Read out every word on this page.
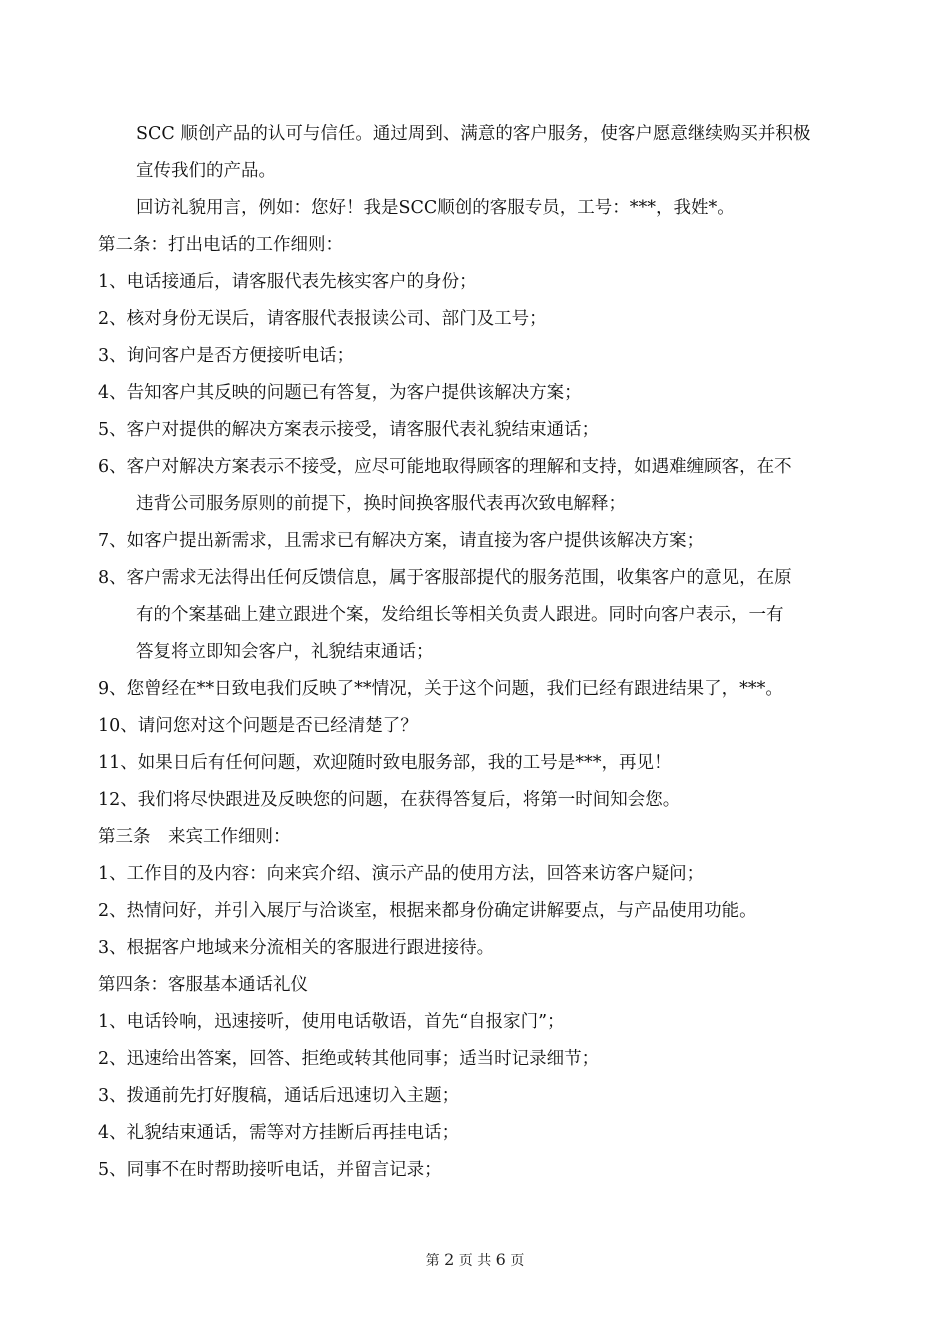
SCC 顺创产品的认可与信任。通过周到、满意的客户服务，使客户愿意继续购买并积极
宣传我们的产品。
回访礼貌用言，例如：您好！我是SCC顺创的客服专员，工号：***，我姓*。
第二条：打出电话的工作细则：
1、电话接通后，请客服代表先核实客户的身份；
2、核对身份无误后，请客服代表报读公司、部门及工号；
3、询问客户是否方便接听电话；
4、告知客户其反映的问题已有答复，为客户提供该解决方案；
5、客户对提供的解决方案表示接受，请客服代表礼貌结束通话；
6、客户对解决方案表示不接受，应尽可能地取得顾客的理解和支持，如遇难缠顾客，在不
违背公司服务原则的前提下，换时间换客服代表再次致电解释；
7、如客户提出新需求，且需求已有解决方案，请直接为客户提供该解决方案；
8、客户需求无法得出任何反馈信息，属于客服部提代的服务范围，收集客户的意见，在原
有的个案基础上建立跟进个案，发给组长等相关负责人跟进。同时向客户表示，一有
答复将立即知会客户，礼貌结束通话；
9、您曾经在**日致电我们反映了**情况，关于这个问题，我们已经有跟进结果了，***。
10、请问您对这个问题是否已经清楚了？
11、如果日后有任何问题，欢迎随时致电服务部，我的工号是***，再见！
12、我们将尽快跟进及反映您的问题，在获得答复后，将第一时间知会您。
第三条　来宾工作细则：
1、工作目的及内容：向来宾介绍、演示产品的使用方法，回答来访客户疑问；
2、热情问好，并引入展厅与洽谈室，根据来都身份确定讲解要点，与产品使用功能。
3、根据客户地域来分流相关的客服进行跟进接待。
第四条：客服基本通话礼仪
1、电话铃响，迅速接听，使用电话敬语，首先“自报家门”；
2、迅速给出答案，回答、拒绝或转其他同事；适当时记录细节；
3、拨通前先打好腹稿，通话后迅速切入主题；
4、礼貌结束通话，需等对方挂断后再挂电话；
5、同事不在时帮助接听电话，并留言记录；
第 2 页 共 6 页
